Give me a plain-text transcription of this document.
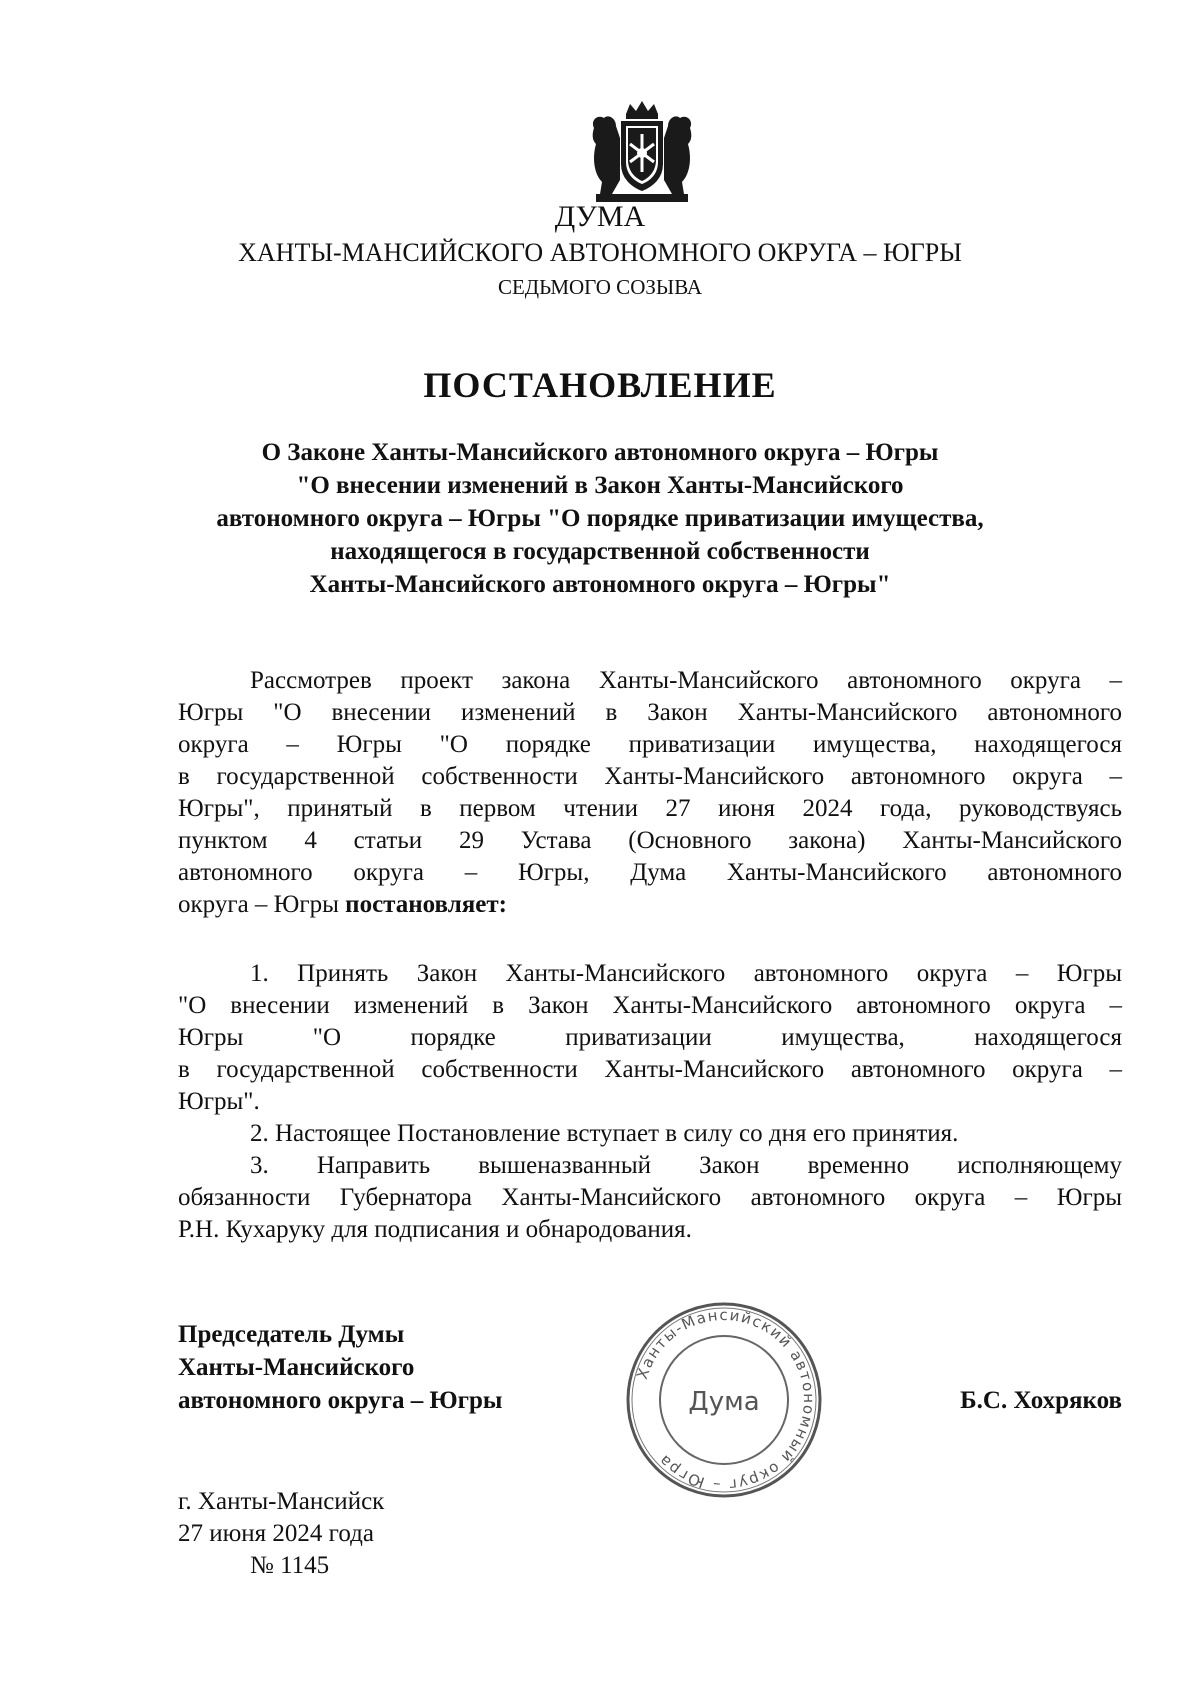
ДУМА
ХАНТЫ-МАНСИЙСКОГО АВТОНОМНОГО ОКРУГА – ЮГРЫ
СЕДЬМОГО СОЗЫВА
ПОСТАНОВЛЕНИЕ
О Законе Ханты-Мансийского автономного округа – Югры
"О внесении изменений в Закон Ханты-Мансийского
автономного округа – Югры "О порядке приватизации имущества,
находящегося в государственной собственности
Ханты-Мансийского автономного округа – Югры"
Рассмотрев проект закона Ханты-Мансийского автономного округа –
Югры "О внесении изменений в Закон Ханты-Мансийского автономного
округа – Югры "О порядке приватизации имущества, находящегося
в государственной собственности Ханты-Мансийского автономного округа –
Югры", принятый в первом чтении 27 июня 2024 года, руководствуясь
пунктом 4 статьи 29 Устава (Основного закона) Ханты-Мансийского
автономного округа – Югры, Дума Ханты-Мансийского автономного
округа – Югры постановляет:
1. Принять Закон Ханты-Мансийского автономного округа – Югры
"О внесении изменений в Закон Ханты-Мансийского автономного округа –
Югры "О порядке приватизации имущества, находящегося
в государственной собственности Ханты-Мансийского автономного округа –
Югры".
2. Настоящее Постановление вступает в силу со дня его принятия.
3. Направить вышеназванный Закон временно исполняющему
обязанности Губернатора Ханты-Мансийского автономного округа – Югры
Р.Н. Кухаруку для подписания и обнародования.
Председатель Думы
Ханты-Мансийского
автономного округа – Югры
Ханты-Мансийский автономный округ – Югра
Дума	Б.С. Хохряков
г. Ханты-Мансийск
27 июня 2024 года
№ 1145
